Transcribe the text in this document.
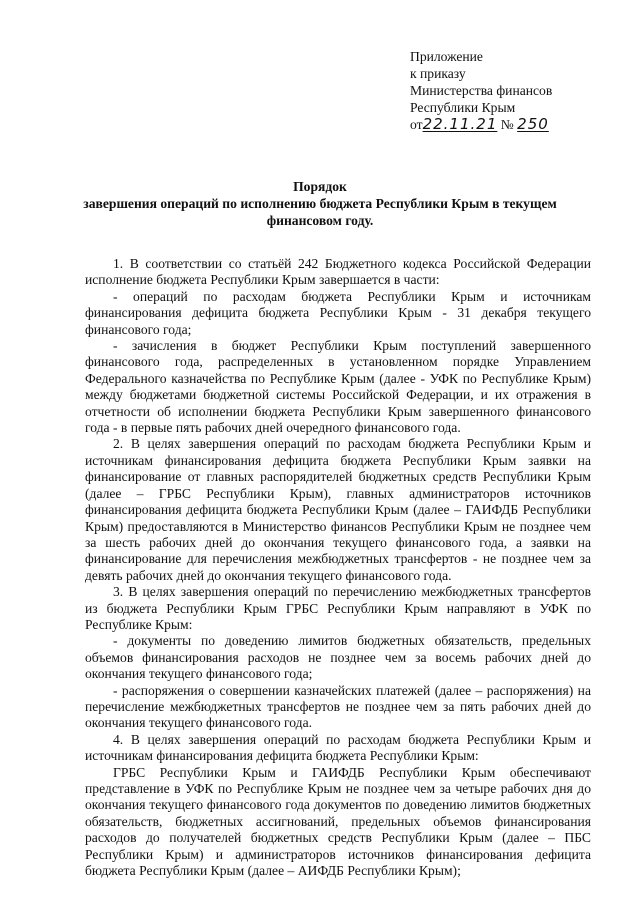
Приложение
к приказу
Министерства финансов
Республики Крым
от22.11.21 № 250
Порядок
завершения операций по исполнению бюджета Республики Крым в текущем финансовом году.

1. В соответствии со статьёй 242 Бюджетного кодекса Российской Федерации исполнение бюджета Республики Крым завершается в части:

- операций по расходам бюджета Республики Крым и источникам финансирования дефицита бюджета Республики Крым - 31 декабря текущего финансового года;

- зачисления в бюджет Республики Крым поступлений завершенного финансового года, распределенных в установленном порядке Управлением Федерального казначейства по Республике Крым (далее - УФК по Республике Крым) между бюджетами бюджетной системы Российской Федерации, и их отражения в отчетности об исполнении бюджета Республики Крым завершенного финансового года - в первые пять рабочих дней очередного финансового года.

2. В целях завершения операций по расходам бюджета Республики Крым и источникам финансирования дефицита бюджета Республики Крым заявки на финансирование от главных распорядителей бюджетных средств Республики Крым (далее – ГРБС Республики Крым), главных администраторов источников финансирования дефицита бюджета Республики Крым (далее – ГАИФДБ Республики Крым) предоставляются в Министерство финансов Республики Крым не позднее чем за шесть рабочих дней до окончания текущего финансового года, а заявки на финансирование для перечисления межбюджетных трансфертов - не позднее чем за девять рабочих дней до окончания текущего финансового года.

3. В целях завершения операций по перечислению межбюджетных трансфертов из бюджета Республики Крым ГРБС Республики Крым направляют в УФК по Республике Крым:

- документы по доведению лимитов бюджетных обязательств, предельных объемов финансирования расходов не позднее чем за восемь рабочих дней до окончания текущего финансового года;

- распоряжения о совершении казначейских платежей (далее – распоряжения) на перечисление межбюджетных трансфертов не позднее чем за пять рабочих дней до окончания текущего финансового года.

4. В целях завершения операций по расходам бюджета Республики Крым и источникам финансирования дефицита бюджета Республики Крым:

ГРБС Республики Крым и ГАИФДБ Республики Крым обеспечивают представление в УФК по Республике Крым не позднее чем за четыре рабочих дня до окончания текущего финансового года документов по доведению лимитов бюджетных обязательств, бюджетных ассигнований, предельных объемов финансирования расходов до получателей бюджетных средств Республики Крым (далее – ПБС Республики Крым) и администраторов источников финансирования дефицита бюджета Республики Крым (далее – АИФДБ Республики Крым);
